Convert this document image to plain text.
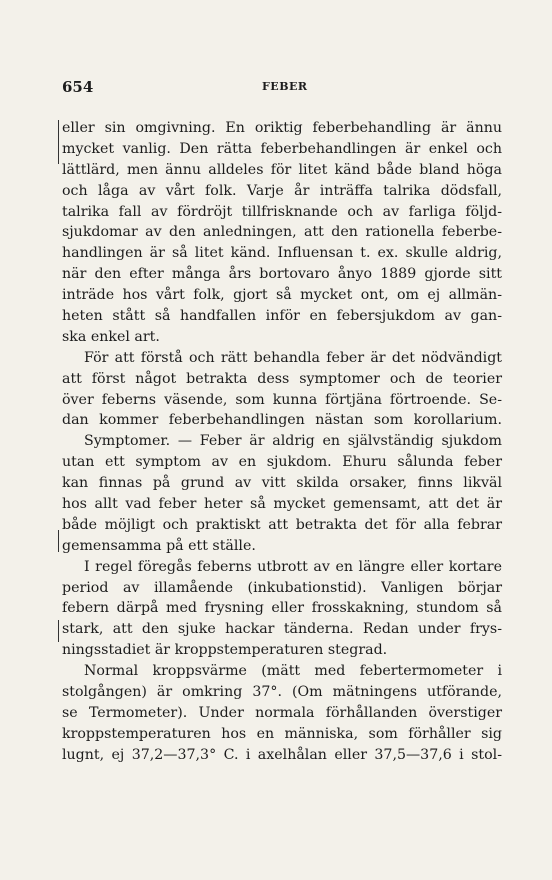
654	FEBER
eller sin omgivning. En oriktig feberbehandling är ännu
mycket vanlig. Den rätta feberbehandlingen är enkel och
lättlärd, men ännu alldeles för litet känd både bland höga
och låga av vårt folk. Varje år inträffa talrika dödsfall,
talrika fall av fördröjt tillfrisknande och av farliga följd-
sjukdomar av den anledningen, att den rationella feberbe-
handlingen är så litet känd. Influensan t. ex. skulle aldrig,
när den efter många års bortovaro ånyo 1889 gjorde sitt
inträde hos vårt folk, gjort så mycket ont, om ej allmän-
heten stått så handfallen inför en febersjukdom av gan-
ska enkel art.
För att förstå och rätt behandla feber är det nödvändigt
att först något betrakta dess symptomer och de teorier
över feberns väsende, som kunna förtjäna förtroende. Se-
dan kommer feberbehandlingen nästan som korollarium.
Symptomer. — Feber är aldrig en självständig sjukdom
utan ett symptom av en sjukdom. Ehuru sålunda feber
kan finnas på grund av vitt skilda orsaker, finns likväl
hos allt vad feber heter så mycket gemensamt, att det är
både möjligt och praktiskt att betrakta det för alla febrar
gemensamma på ett ställe.
I regel föregås feberns utbrott av en längre eller kortare
period av illamående (inkubationstid). Vanligen börjar
febern därpå med frysning eller frosskakning, stundom så
stark, att den sjuke hackar tänderna. Redan under frys-
ningsstadiet är kroppstemperaturen stegrad.
Normal kroppsvärme (mätt med febertermometer i
stolgången) är omkring 37°. (Om mätningens utförande,
se Termometer). Under normala förhållanden överstiger
kroppstemperaturen hos en människa, som förhåller sig
lugnt, ej 37,2—37,3° C. i axelhålan eller 37,5—37,6 i stol-
